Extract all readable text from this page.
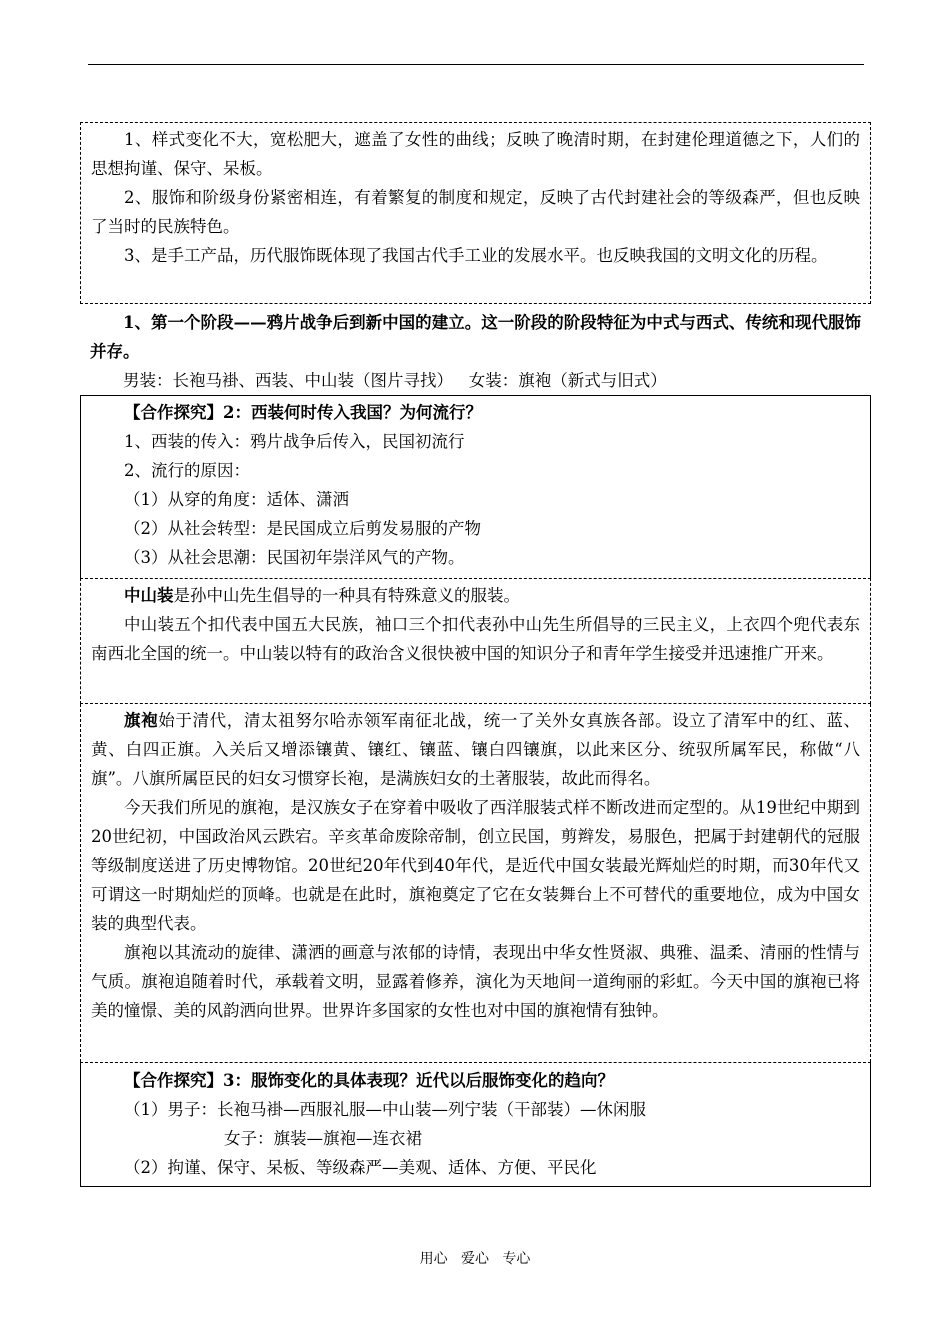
1、样式变化不大，宽松肥大，遮盖了女性的曲线；反映了晚清时期，在封建伦理道德之下，人们的思想拘谨、保守、呆板。

2、服饰和阶级身份紧密相连，有着繁复的制度和规定，反映了古代封建社会的等级森严，但也反映了当时的民族特色。

3、是手工产品，历代服饰既体现了我国古代手工业的发展水平。也反映我国的文明文化的历程。

1、第一个阶段——鸦片战争后到新中国的建立。这一阶段的阶段特征为中式与西式、传统和现代服饰并存。

男装：长袍马褂、西装、中山装（图片寻找）   女装：旗袍（新式与旧式）

【合作探究】2：西装何时传入我国？为何流行？

1、西装的传入：鸦片战争后传入，民国初流行
2、流行的原因：
（1）从穿的角度：适体、潇洒
（2）从社会转型：是民国成立后剪发易服的产物
（3）从社会思潮：民国初年崇洋风气的产物。

中山装是孙中山先生倡导的一种具有特殊意义的服装。

中山装五个扣代表中国五大民族，袖口三个扣代表孙中山先生所倡导的三民主义，上衣四个兜代表东南西北全国的统一。中山装以特有的政治含义很快被中国的知识分子和青年学生接受并迅速推广开来。

旗袍始于清代，清太祖努尔哈赤领军南征北战，统一了关外女真族各部。设立了清军中的红、蓝、黄、白四正旗。入关后又增添镶黄、镶红、镶蓝、镶白四镶旗，以此来区分、统驭所属军民，称做“八旗”。八旗所属臣民的妇女习惯穿长袍，是满族妇女的土著服装，故此而得名。

今天我们所见的旗袍，是汉族女子在穿着中吸收了西洋服装式样不断改进而定型的。从19世纪中期到20世纪初，中国政治风云跌宕。辛亥革命废除帝制，创立民国，剪辫发，易服色，把属于封建朝代的冠服等级制度送进了历史博物馆。20世纪20年代到40年代，是近代中国女装最光辉灿烂的时期，而30年代又可谓这一时期灿烂的顶峰。也就是在此时，旗袍奠定了它在女装舞台上不可替代的重要地位，成为中国女装的典型代表。

旗袍以其流动的旋律、潇洒的画意与浓郁的诗情，表现出中华女性贤淑、典雅、温柔、清丽的性情与气质。旗袍追随着时代，承载着文明，显露着修养，演化为天地间一道绚丽的彩虹。今天中国的旗袍已将美的憧憬、美的风韵洒向世界。世界许多国家的女性也对中国的旗袍情有独钟。

【合作探究】3：服饰变化的具体表现？近代以后服饰变化的趋向？

（1）男子：长袍马褂—西服礼服—中山装—列宁装（干部装）—休闲服
女子：旗装—旗袍—连衣裙
（2）拘谨、保守、呆板、等级森严—美观、适体、方便、平民化
用心   爱心   专心
